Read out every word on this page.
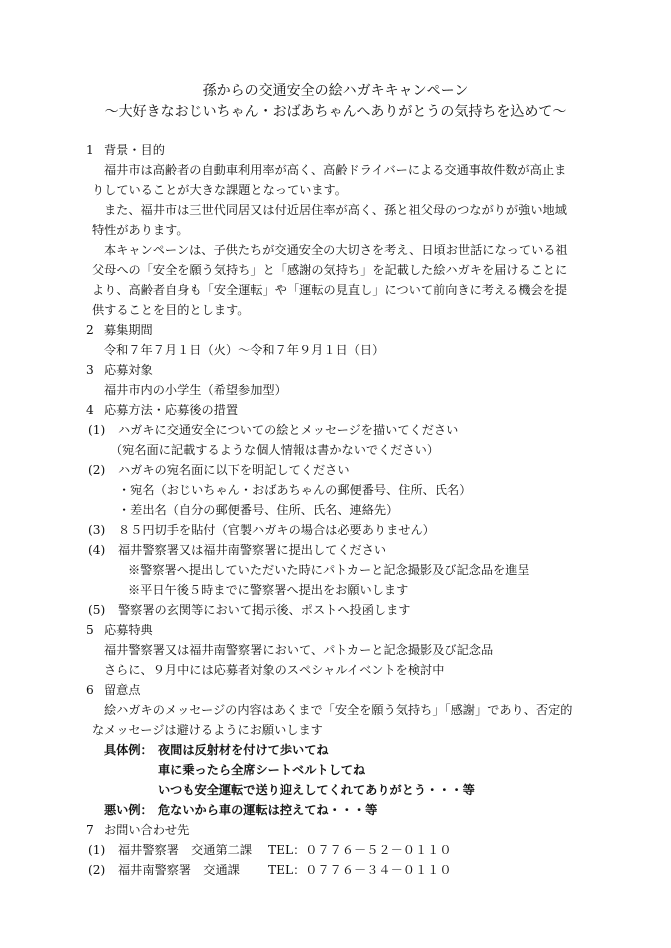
孫からの交通安全の絵ハガキキャンペーン
～大好きなおじいちゃん・おばあちゃんへありがとうの気持ちを込めて～
1 背景・目的
福井市は高齢者の自動車利用率が高く、高齢ドライバーによる交通事故件数が高止ま
りしていることが大きな課題となっています。
また、福井市は三世代同居又は付近居住率が高く、孫と祖父母のつながりが強い地域
特性があります。
本キャンペーンは、子供たちが交通安全の大切さを考え、日頃お世話になっている祖
父母への「安全を願う気持ち」と「感謝の気持ち」を記載した絵ハガキを届けることに
より、高齢者自身も「安全運転」や「運転の見直し」について前向きに考える機会を提
供することを目的とします。
2 募集期間
令和７年７月１日（火）～令和７年９月１日（日）
3 応募対象
福井市内の小学生（希望参加型）
4 応募方法・応募後の措置
(1) ハガキに交通安全についての絵とメッセージを描いてください
（宛名面に記載するような個人情報は書かないでください）
(2) ハガキの宛名面に以下を明記してください
・宛名（おじいちゃん・おばあちゃんの郵便番号、住所、氏名）
・差出名（自分の郵便番号、住所、氏名、連絡先）
(3) ８５円切手を貼付（官製ハガキの場合は必要ありません）
(4) 福井警察署又は福井南警察署に提出してください
※警察署へ提出していただいた時にパトカーと記念撮影及び記念品を進呈
※平日午後５時までに警察署へ提出をお願いします
(5) 警察署の玄関等において掲示後、ポストへ投函します
5 応募特典
福井警察署又は福井南警察署において、パトカーと記念撮影及び記念品
さらに、９月中には応募者対象のスペシャルイベントを検討中
6 留意点
絵ハガキのメッセージの内容はあくまで「安全を願う気持ち」「感謝」であり、否定的
なメッセージは避けるようにお願いします
具体例： 夜間は反射材を付けて歩いてね
車に乗ったら全席シートベルトしてね
いつも安全運転で送り迎えしてくれてありがとう・・・等
悪い例： 危ないから車の運転は控えてね・・・等
7 お問い合わせ先
(1) 福井警察署　交通第二課 TEL：０７７６－５２－０１１０
(2) 福井南警察署　交通課 TEL：０７７６－３４－０１１０
